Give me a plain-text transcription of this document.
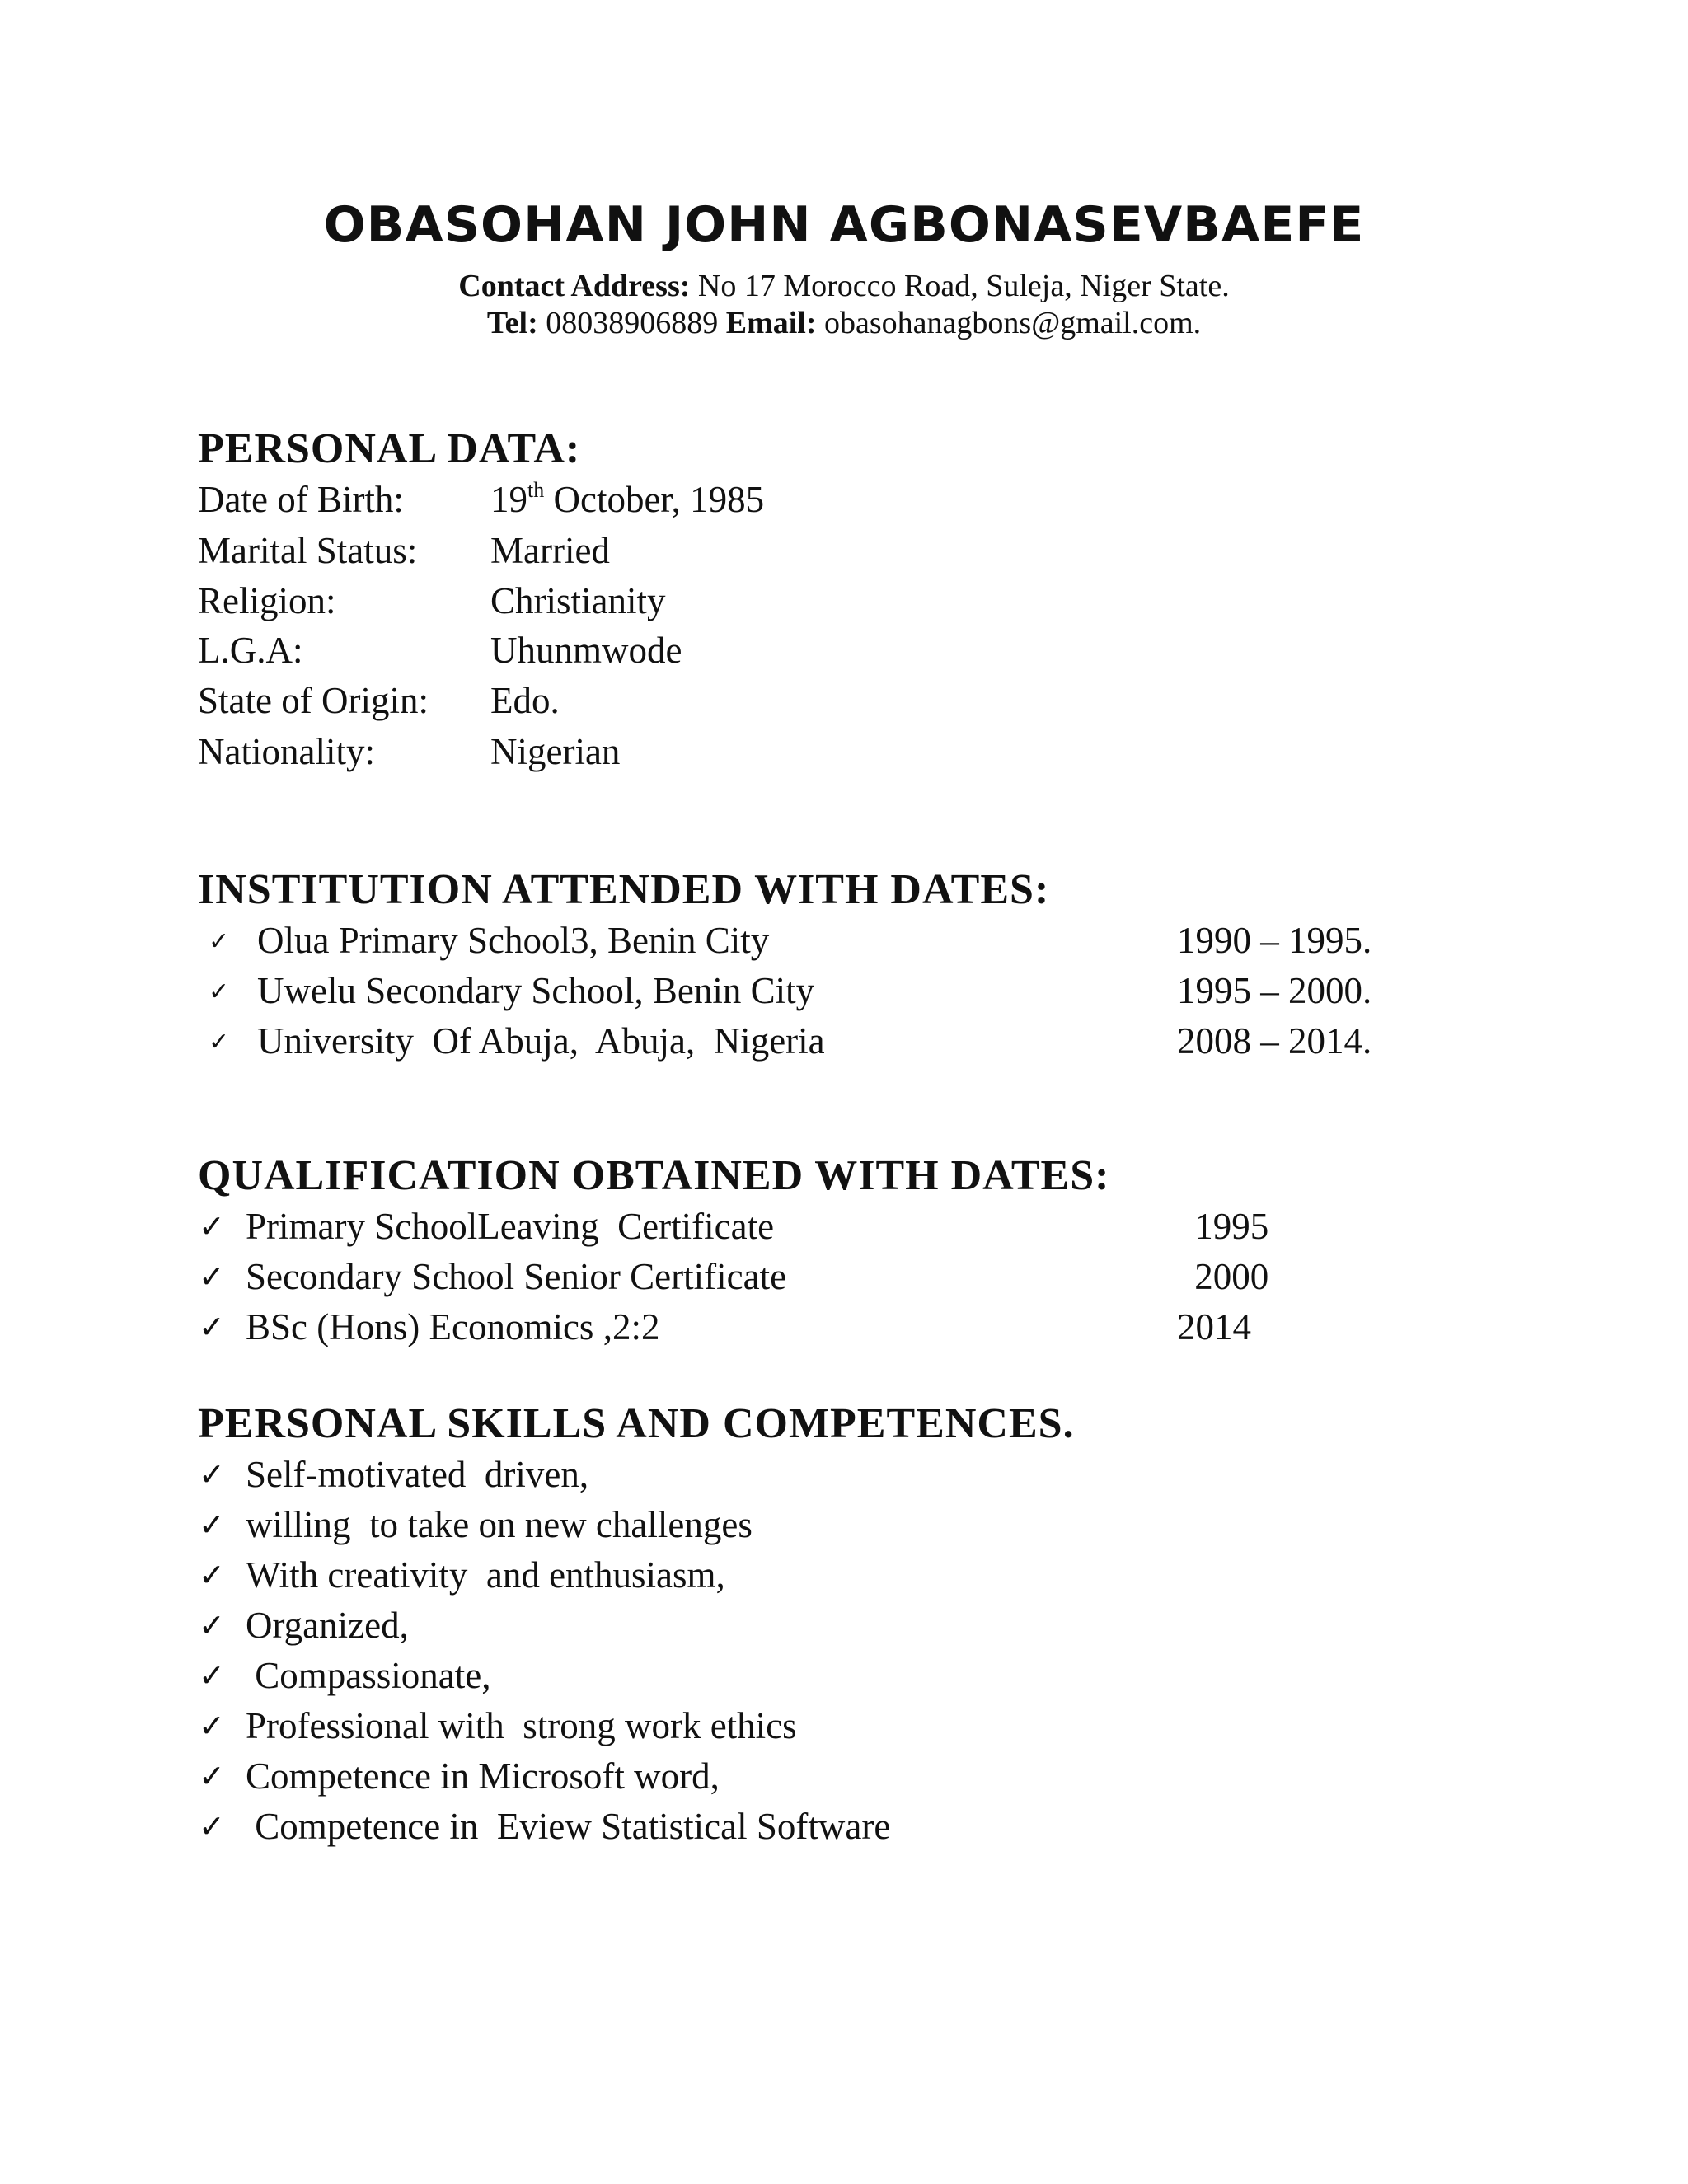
OBASOHAN JOHN AGBONASEVBAEFE
Contact Address: No 17 Morocco Road, Suleja, Niger State.
Tel: 08038906889 Email: obasohanagbons@gmail.com.
PERSONAL DATA:
Date of Birth: 19th October, 1985
Marital Status: Married
Religion:	Christianity
L.G.A:	Uhunmwode
State of Origin: Edo.
Nationality:	Nigerian
INSTITUTION ATTENDED WITH DATES:
✓ Olua Primary School3, Benin City	1990 – 1995.
✓ Uwelu Secondary School, Benin City	1995 – 2000.
✓ University  Of Abuja,  Abuja,  Nigeria	2008 – 2014.
QUALIFICATION OBTAINED WITH DATES:
✓ Primary SchoolLeaving  Certificate	1995
✓ Secondary School Senior Certificate	2000
✓ BSc (Hons) Economics ,2:2	2014
PERSONAL SKILLS AND COMPETENCES.
✓ Self-motivated  driven,
✓ willing  to take on new challenges
✓ With creativity  and enthusiasm,
✓ Organized,
✓ Compassionate,
✓ Professional with  strong work ethics
✓ Competence in Microsoft word,
✓ Competence in  Eview Statistical Software
